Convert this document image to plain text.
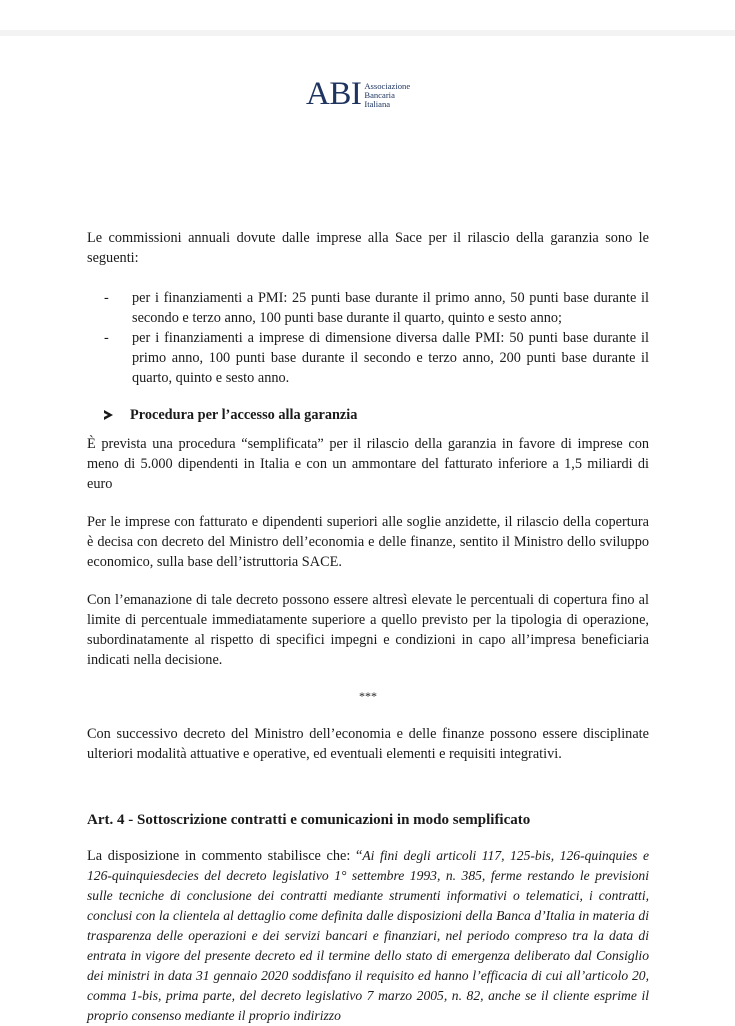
ABI Associazione
Bancaria
Italiana

Le commissioni annuali dovute dalle imprese alla Sace per il rilascio della garanzia sono le seguenti:

- per i finanziamenti a PMI: 25 punti base durante il primo anno, 50 punti base durante il secondo e terzo anno, 100 punti base durante il quarto, quinto e sesto anno;
- per i finanziamenti a imprese di dimensione diversa dalle PMI: 50 punti base durante il primo anno, 100 punti base durante il secondo e terzo anno, 200 punti base durante il quarto, quinto e sesto anno.
Procedura per l’accesso alla garanzia

È prevista una procedura “semplificata” per il rilascio della garanzia in favore di imprese con meno di 5.000 dipendenti in Italia e con un ammontare del fatturato inferiore a 1,5 miliardi di euro

Per le imprese con fatturato e dipendenti superiori alle soglie anzidette, il rilascio della copertura è decisa con decreto del Ministro dell’economia e delle finanze, sentito il Ministro dello sviluppo economico, sulla base dell’istruttoria SACE.

Con l’emanazione di tale decreto possono essere altresì elevate le percentuali di copertura fino al limite di percentuale immediatamente superiore a quello previsto per la tipologia di operazione, subordinatamente al rispetto di specifici impegni e condizioni in capo all’impresa beneficiaria indicati nella decisione.

***

Con successivo decreto del Ministro dell’economia e delle finanze possono essere disciplinate ulteriori modalità attuative e operative, ed eventuali elementi e requisiti integrativi.

Art. 4 - Sottoscrizione contratti e comunicazioni in modo semplificato

La disposizione in commento stabilisce che: “Ai fini degli articoli 117, 125-bis, 126-quinquies e 126-quinquiesdecies del decreto legislativo 1° settembre 1993, n. 385, ferme restando le previsioni sulle tecniche di conclusione dei contratti mediante strumenti informativi o telematici, i contratti, conclusi con la clientela al dettaglio come definita dalle disposizioni della Banca d’Italia in materia di trasparenza delle operazioni e dei servizi bancari e finanziari, nel periodo compreso tra la data di entrata in vigore del presente decreto ed il termine dello stato di emergenza deliberato dal Consiglio dei ministri in data 31 gennaio 2020 soddisfano il requisito ed hanno l’efficacia di cui all’articolo 20, comma 1-bis, prima parte, del decreto legislativo 7 marzo 2005, n. 82, anche se il cliente esprime il proprio consenso mediante il proprio indirizzo
